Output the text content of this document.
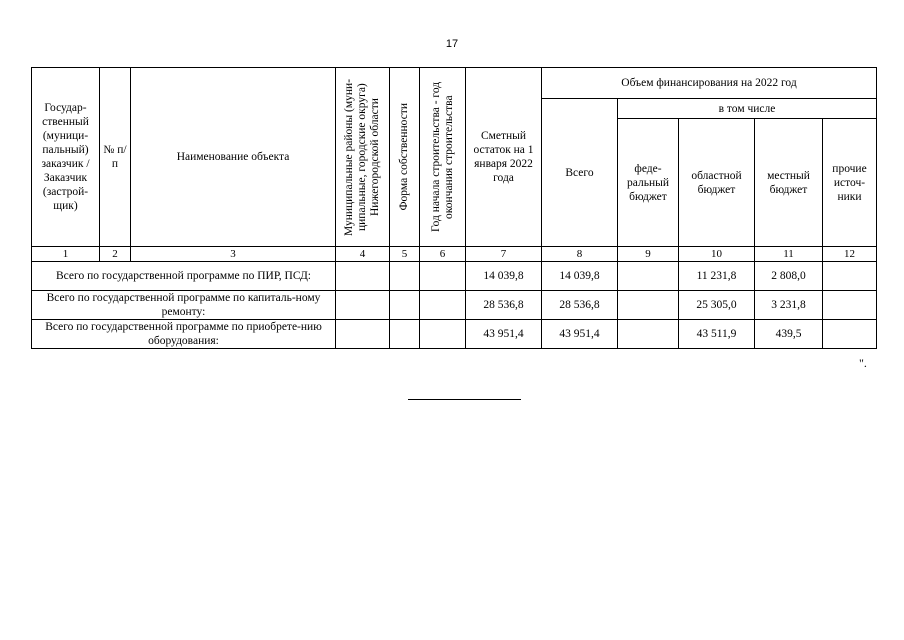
17
Государ-ственный (муници-пальный) заказчик / Заказчик (застрой-щик)	№ п/п	Наименование объекта	Муниципальные районы (муни-ципальные, городские округа) Нижегородской области	Форма собственности	Год начала строительства - год окончания строительства	Сметный остаток на 1 января 2022 года	Объем финансирования на 2022 год				
							Всего	в том числе			
								феде-ральный бюджет	областной бюджет	местный бюджет	прочие источ-ники
1	2	3	4	5	6	7	8	9	10	11	12
Всего по государственной программе по ПИР, ПСД:						14 039,8	14 039,8		11 231,8	2 808,0	
Всего по государственной программе по капиталь-ному ремонту:						28 536,8	28 536,8		25 305,0	3 231,8	
Всего по государственной программе по приобрете-нию оборудования:						43 951,4	43 951,4		43 511,9	439,5	
".
